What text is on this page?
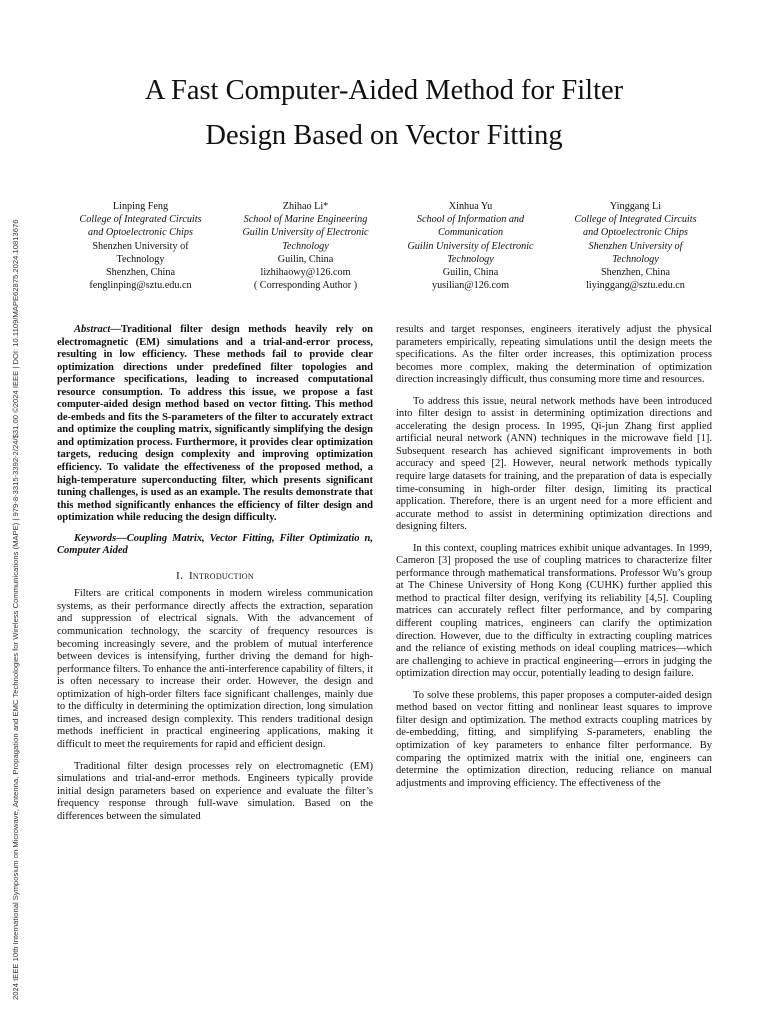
2024 IEEE 10th International Symposium on Microwave, Antenna, Propagation and EMC Technologies for Wireless Communications (MAPE) | 979-8-3315-3392-2/24/$31.00 ©2024 IEEE | DOI: 10.1109/MAPE62875.2024.10813676
A Fast Computer-Aided Method for Filter
Design Based on Vector Fitting
Linping Feng
College of Integrated Circuits
and Optoelectronic Chips
Shenzhen University of
Technology
Shenzhen, China
fenglinping@sztu.edu.cn
Zhihao Li*
School of Marine Engineering
Guilin University of Electronic
Technology
Guilin, China
lizhihaowy@126.com
( Corresponding Author )
Xinhua Yu
School of Information and
Communication
Guilin University of Electronic
Technology
Guilin, China
yusilian@126.com
Yinggang Li
College of Integrated Circuits
and Optoelectronic Chips
Shenzhen University of
Technology
Shenzhen, China
liyinggang@sztu.edu.cn

Abstract—Traditional filter design methods heavily rely on electromagnetic (EM) simulations and a trial-and-error process, resulting in low efficiency. These methods fail to provide clear optimization directions under predefined filter topologies and performance specifications, leading to increased computational resource consumption. To address this issue, we propose a fast computer-aided design method based on vector fitting. This method de-embeds and fits the S-parameters of the filter to accurately extract and optimize the coupling matrix, significantly simplifying the design and optimization process. Furthermore, it provides clear optimization targets, reducing design complexity and improving optimization efficiency. To validate the effectiveness of the proposed method, a high-temperature superconducting filter, which presents significant tuning challenges, is used as an example. The results demonstrate that this method significantly enhances the efficiency of filter design and optimization while reducing the design difficulty.

Keywords—Coupling Matrix, Vector Fitting, Filter Optimizatio n, Computer Aided

I. Introduction

Filters are critical components in modern wireless communication systems, as their performance directly affects the extraction, separation and suppression of electrical signals. With the advancement of communication technology, the scarcity of frequency resources is becoming increasingly severe, and the problem of mutual interference between devices is intensifying, further driving the demand for high-performance filters. To enhance the anti-interference capability of filters, it is often necessary to increase their order. However, the design and optimization of high-order filters face significant challenges, mainly due to the difficulty in determining the optimization direction, long simulation times, and increased design complexity. This renders traditional design methods inefficient in practical engineering applications, making it difficult to meet the requirements for rapid and efficient design.

Traditional filter design processes rely on electromagnetic (EM) simulations and trial-and-error methods. Engineers typically provide initial design parameters based on experience and evaluate the filter’s frequency response through full-wave simulation. Based on the differences between the simulated

results and target responses, engineers iteratively adjust the physical parameters empirically, repeating simulations until the design meets the specifications. As the filter order increases, this optimization process becomes more complex, making the determination of optimization direction increasingly difficult, thus consuming more time and resources.

To address this issue, neural network methods have been introduced into filter design to assist in determining optimization directions and accelerating the design process. In 1995, Qi-jun Zhang first applied artificial neural network (ANN) techniques in the microwave field [1]. Subsequent research has achieved significant improvements in both accuracy and speed [2]. However, neural network methods typically require large datasets for training, and the preparation of data is especially time-consuming in high-order filter design, limiting its practical application. Therefore, there is an urgent need for a more efficient and accurate method to assist in determining optimization directions and designing filters.

In this context, coupling matrices exhibit unique advantages. In 1999, Cameron [3] proposed the use of coupling matrices to characterize filter performance through mathematical transformations. Professor Wu’s group at The Chinese University of Hong Kong (CUHK) further applied this method to practical filter design, verifying its reliability [4,5]. Coupling matrices can accurately reflect filter performance, and by comparing different coupling matrices, engineers can clarify the optimization direction. However, due to the difficulty in extracting coupling matrices and the reliance of existing methods on ideal coupling matrices—which are challenging to achieve in practical engineering—errors in judging the optimization direction may occur, potentially leading to design failure.

To solve these problems, this paper proposes a computer-aided design method based on vector fitting and nonlinear least squares to improve filter design and optimization. The method extracts coupling matrices by de-embedding, fitting, and simplifying S-parameters, enabling the optimization of key parameters to enhance filter performance. By comparing the optimized matrix with the initial one, engineers can determine the optimization direction, reducing reliance on manual adjustments and improving efficiency. The effectiveness of the
